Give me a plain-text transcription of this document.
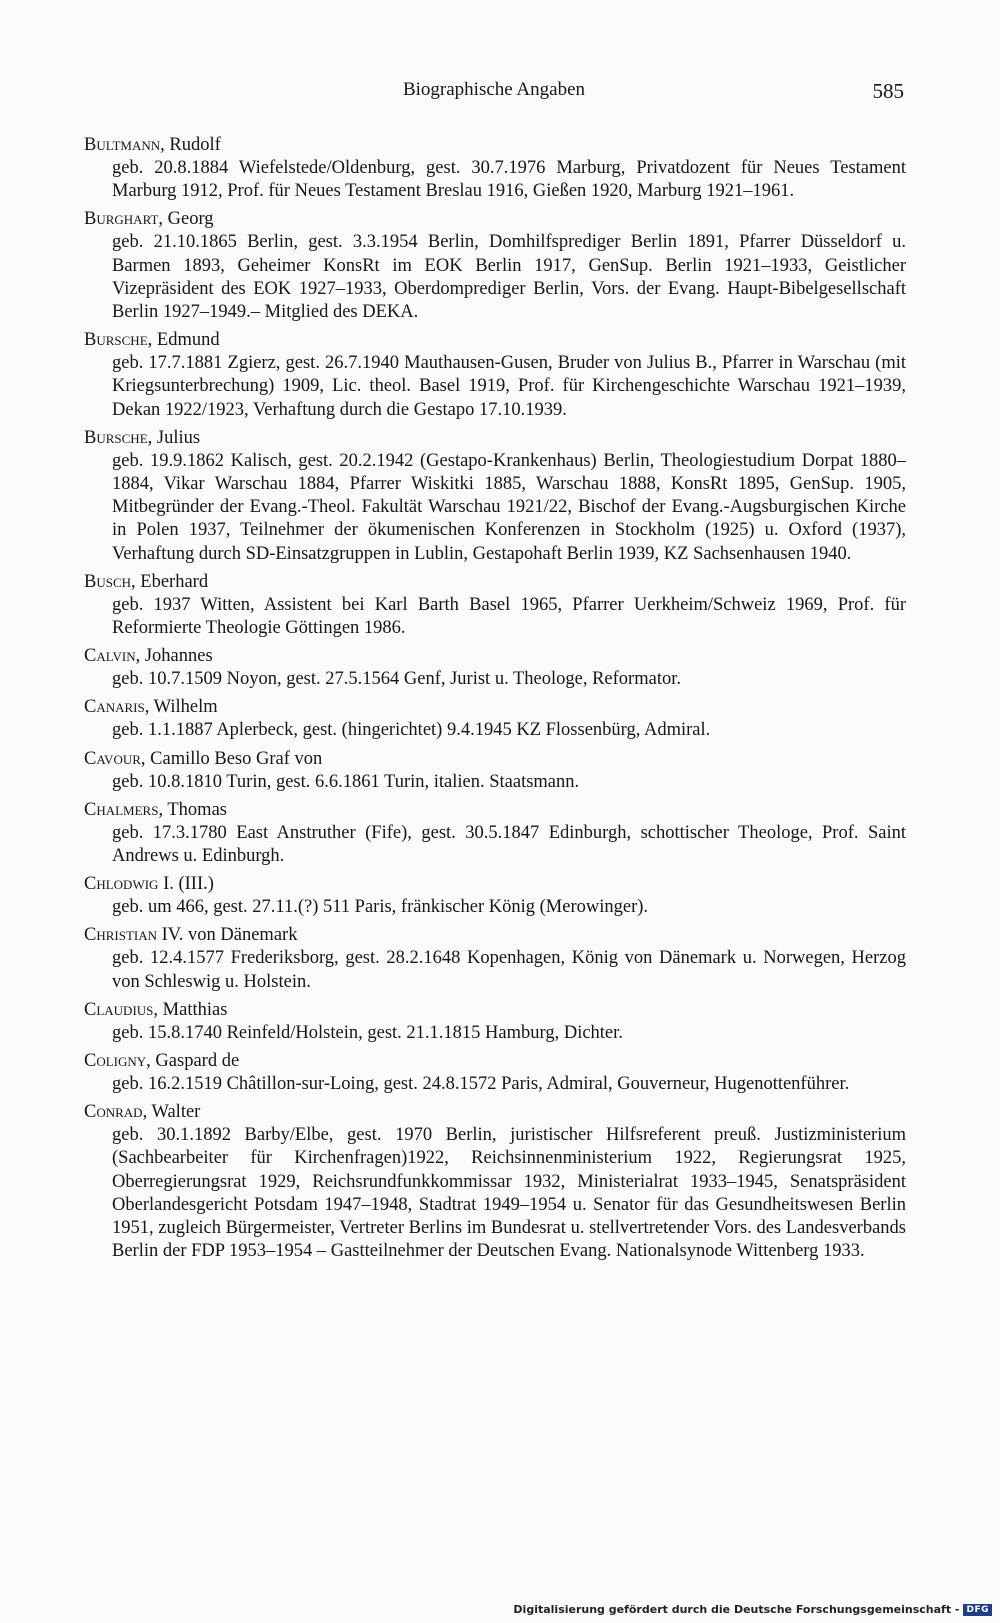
Biographische Angaben	585
Bultmann, Rudolf
geb. 20.8.1884 Wiefelstede/Oldenburg, gest. 30.7.1976 Marburg, Privatdozent für Neues Testament Marburg 1912, Prof. für Neues Testament Breslau 1916, Gießen 1920, Marburg 1921–1961.
Burghart, Georg
geb. 21.10.1865 Berlin, gest. 3.3.1954 Berlin, Domhilfsprediger Berlin 1891, Pfarrer Düsseldorf u. Barmen 1893, Geheimer KonsRt im EOK Berlin 1917, GenSup. Berlin 1921–1933, Geistlicher Vizepräsident des EOK 1927–1933, Oberdomprediger Berlin, Vors. der Evang. Haupt-Bibelgesellschaft Berlin 1927–1949.– Mitglied des DEKA.
Bursche, Edmund
geb. 17.7.1881 Zgierz, gest. 26.7.1940 Mauthausen-Gusen, Bruder von Julius B., Pfarrer in Warschau (mit Kriegsunterbrechung) 1909, Lic. theol. Basel 1919, Prof. für Kirchengeschichte Warschau 1921–1939, Dekan 1922/1923, Verhaftung durch die Gestapo 17.10.1939.
Bursche, Julius
geb. 19.9.1862 Kalisch, gest. 20.2.1942 (Gestapo-Krankenhaus) Berlin, Theologiestudium Dorpat 1880–1884, Vikar Warschau 1884, Pfarrer Wiskitki 1885, Warschau 1888, KonsRt 1895, GenSup. 1905, Mitbegründer der Evang.-Theol. Fakultät Warschau 1921/22, Bischof der Evang.-Augsburgischen Kirche in Polen 1937, Teilnehmer der ökumenischen Konferenzen in Stockholm (1925) u. Oxford (1937), Verhaftung durch SD-Einsatzgruppen in Lublin, Gestapohaft Berlin 1939, KZ Sachsenhausen 1940.
Busch, Eberhard
geb. 1937 Witten, Assistent bei Karl Barth Basel 1965, Pfarrer Uerkheim/Schweiz 1969, Prof. für Reformierte Theologie Göttingen 1986.
Calvin, Johannes
geb. 10.7.1509 Noyon, gest. 27.5.1564 Genf, Jurist u. Theologe, Reformator.
Canaris, Wilhelm
geb. 1.1.1887 Aplerbeck, gest. (hingerichtet) 9.4.1945 KZ Flossenbürg, Admiral.
Cavour, Camillo Beso Graf von
geb. 10.8.1810 Turin, gest. 6.6.1861 Turin, italien. Staatsmann.
Chalmers, Thomas
geb. 17.3.1780 East Anstruther (Fife), gest. 30.5.1847 Edinburgh, schottischer Theologe, Prof. Saint Andrews u. Edinburgh.
Chlodwig I. (III.)
geb. um 466, gest. 27.11.(?) 511 Paris, fränkischer König (Merowinger).
Christian IV. von Dänemark
geb. 12.4.1577 Frederiksborg, gest. 28.2.1648 Kopenhagen, König von Dänemark u. Norwegen, Herzog von Schleswig u. Holstein.
Claudius, Matthias
geb. 15.8.1740 Reinfeld/Holstein, gest. 21.1.1815 Hamburg, Dichter.
Coligny, Gaspard de
geb. 16.2.1519 Châtillon-sur-Loing, gest. 24.8.1572 Paris, Admiral, Gouverneur, Hugenottenführer.
Conrad, Walter
geb. 30.1.1892 Barby/Elbe, gest. 1970 Berlin, juristischer Hilfsreferent preuß. Justizministerium (Sachbearbeiter für Kirchenfragen)1922, Reichsinnenministerium 1922, Regierungsrat 1925, Oberregierungsrat 1929, Reichsrundfunkkommissar 1932, Ministerialrat 1933–1945, Senatspräsident Oberlandesgericht Potsdam 1947–1948, Stadtrat 1949–1954 u. Senator für das Gesundheitswesen Berlin 1951, zugleich Bürgermeister, Vertreter Berlins im Bundesrat u. stellvertretender Vors. des Landesverbands Berlin der FDP 1953–1954 – Gastteilnehmer der Deutschen Evang. Nationalsynode Wittenberg 1933.
Digitalisierung gefördert durch die Deutsche Forschungsgemeinschaft - DFG
